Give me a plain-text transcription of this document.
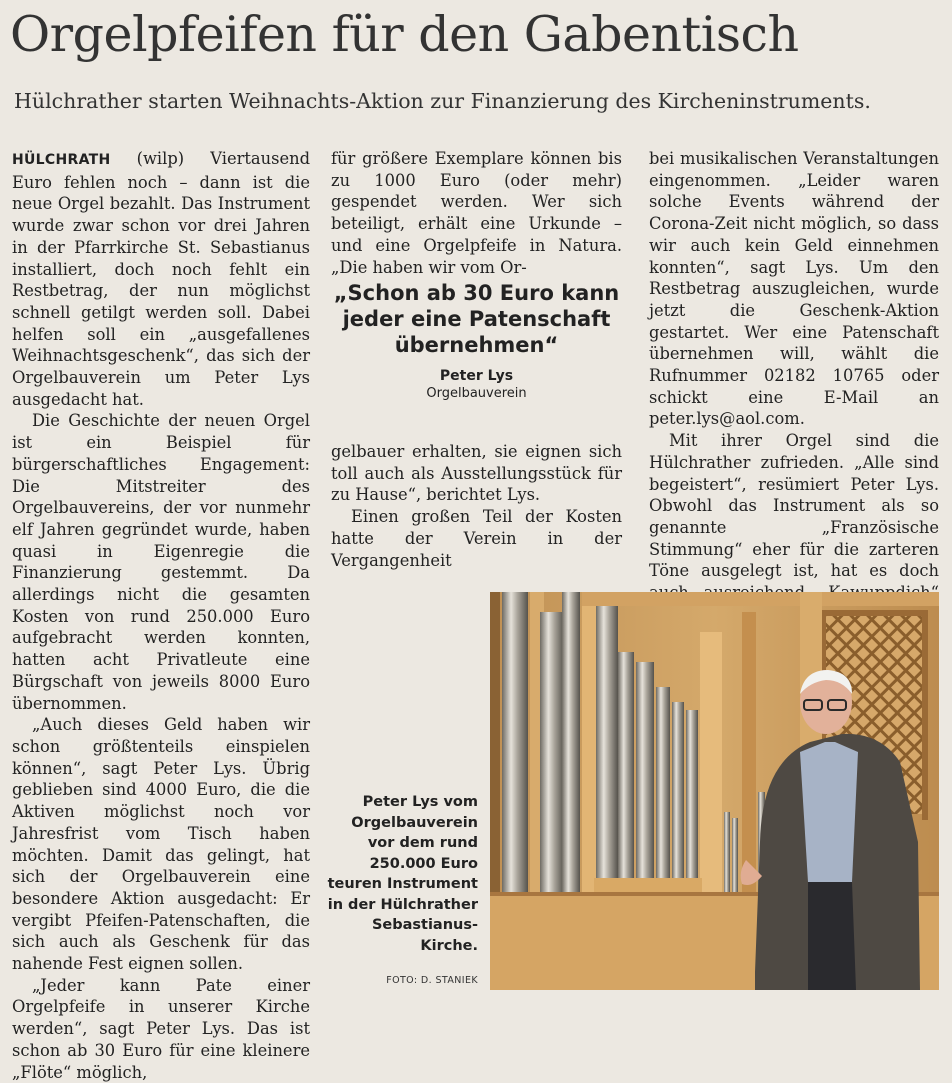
Orgelpfeifen für den Gabentisch
Hülchrather starten Weihnachts-Aktion zur Finanzierung des Kircheninstruments.

HÜLCHRATH (wilp) Viertausend Euro fehlen noch – dann ist die neue Orgel bezahlt. Das Instrument wurde zwar schon vor drei Jahren in der Pfarrkirche St. Sebastianus installiert, doch noch fehlt ein Restbetrag, der nun möglichst schnell getilgt werden soll. Dabei helfen soll ein „ausgefallenes Weihnachtsgeschenk“, das sich der Orgelbauverein um Peter Lys ausgedacht hat.

Die Geschichte der neuen Orgel ist ein Beispiel für bürgerschaftliches Engagement: Die Mitstreiter des Orgelbauvereins, der vor nunmehr elf Jahren gegründet wurde, haben quasi in Eigenregie die Finanzierung gestemmt. Da allerdings nicht die gesamten Kosten von rund 250.000 Euro aufgebracht werden konnten, hatten acht Privatleute eine Bürgschaft von jeweils 8000 Euro übernommen.

„Auch dieses Geld haben wir schon größtenteils einspielen können“, sagt Peter Lys. Übrig geblieben sind 4000 Euro, die die Aktiven möglichst noch vor Jahresfrist vom Tisch haben möchten. Damit das gelingt, hat sich der Orgelbauverein eine besondere Aktion ausgedacht: Er vergibt Pfeifen-Patenschaften, die sich auch als Geschenk für das nahende Fest eignen sollen.

„Jeder kann Pate einer Orgelpfeife in unserer Kirche werden“, sagt Peter Lys. Das ist schon ab 30 Euro für eine kleinere „Flöte“ möglich,

für größere Exemplare können bis zu 1000 Euro (oder mehr) gespendet werden. Wer sich beteiligt, erhält eine Urkunde – und eine Orgelpfeife in Natura. „Die haben wir vom Or-

„Schon ab 30 Euro kann jeder eine Patenschaft übernehmen“
Peter Lys
Orgelbauverein

gelbauer erhalten, sie eignen sich toll auch als Ausstellungsstück für zu Hause“, berichtet Lys.

Einen großen Teil der Kosten hatte der Verein in der Vergangenheit

bei musikalischen Veranstaltungen eingenommen. „Leider waren solche Events während der Corona-Zeit nicht möglich, so dass wir auch kein Geld einnehmen konnten“, sagt Lys. Um den Restbetrag auszugleichen, wurde jetzt die Geschenk-Aktion gestartet. Wer eine Patenschaft übernehmen will, wählt die Rufnummer 02182 10765 oder schickt eine E-Mail an peter.lys@aol.com.

Mit ihrer Orgel sind die Hülchrather zufrieden. „Alle sind begeistert“, resümiert Peter Lys. Obwohl das Instrument als so genannte „Französische Stimmung“ eher für die zarteren Töne ausgelegt ist, hat es doch

Peter Lys vom Orgelbauverein vor dem rund 250.000 Euro teuren Instrument in der Hülchrather Sebastianus-Kirche.
FOTO: D. STANIEK
